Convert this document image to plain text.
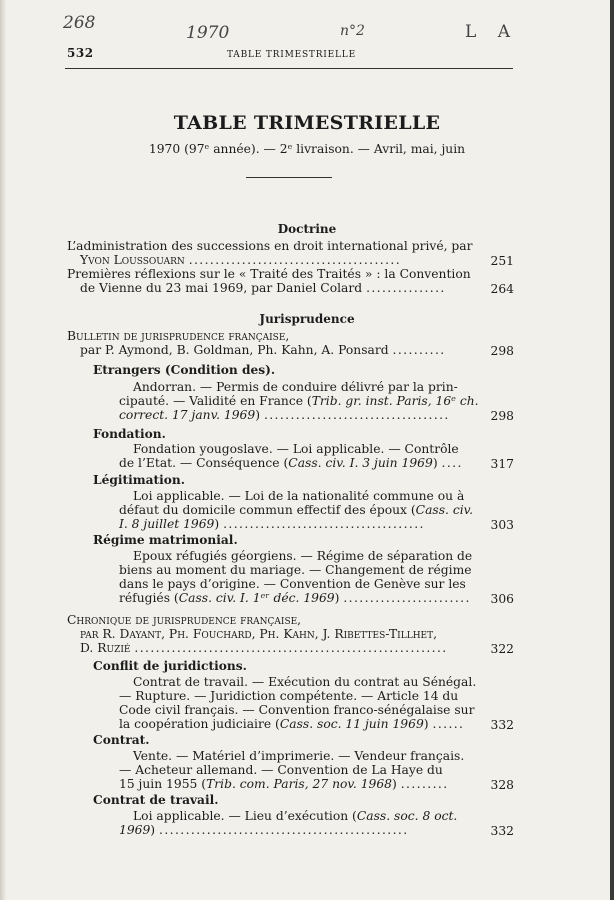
268	1970	n°2	L A
532	TABLE TRIMESTRIELLE
TABLE TRIMESTRIELLE
1970 (97ᵉ année). — 2ᵉ livraison. — Avril, mai, juin
Doctrine
L’administration des successions en droit international privé, par
Yvon Loussouarn ........................................	251
Premières réflexions sur le « Traité des Traités » : la Convention
de Vienne du 23 mai 1969, par Daniel Colard ...............	264
Jurisprudence
Bulletin de jurisprudence française,
par P. Aymond, B. Goldman, Ph. Kahn, A. Ponsard ..........	298
Etrangers (Condition des).
Andorran. — Permis de conduire délivré par la prin-
cipauté. — Validité en France (Trib. gr. inst. Paris, 16ᵉ ch.
correct. 17 janv. 1969) ...................................	298
Fondation.
Fondation yougoslave. — Loi applicable. — Contrôle
de l’Etat. — Conséquence (Cass. civ. I. 3 juin 1969) ....	317
Légitimation.
Loi applicable. — Loi de la nationalité commune ou à
défaut du domicile commun effectif des époux (Cass. civ.
I. 8 juillet 1969) ......................................	303
Régime matrimonial.
Epoux réfugiés géorgiens. — Régime de séparation de
biens au moment du mariage. — Changement de régime
dans le pays d’origine. — Convention de Genève sur les
réfugiés (Cass. civ. I. 1ᵉʳ déc. 1969) ........................	306
Chronique de jurisprudence française,
par R. Dayant, Ph. Fouchard, Ph. Kahn, J. Ribettes-Tillhet,
D. Ruzié ...........................................................	322
Conflit de juridictions.
Contrat de travail. — Exécution du contrat au Sénégal.
— Rupture. — Juridiction compétente. — Article 14 du
Code civil français. — Convention franco-sénégalaise sur
la coopération judiciaire (Cass. soc. 11 juin 1969) ......	332
Contrat.
Vente. — Matériel d’imprimerie. — Vendeur français.
— Acheteur allemand. — Convention de La Haye du
15 juin 1955 (Trib. com. Paris, 27 nov. 1968) .........	328
Contrat de travail.
Loi applicable. — Lieu d’exécution (Cass. soc. 8 oct.
1969) ...............................................	332
